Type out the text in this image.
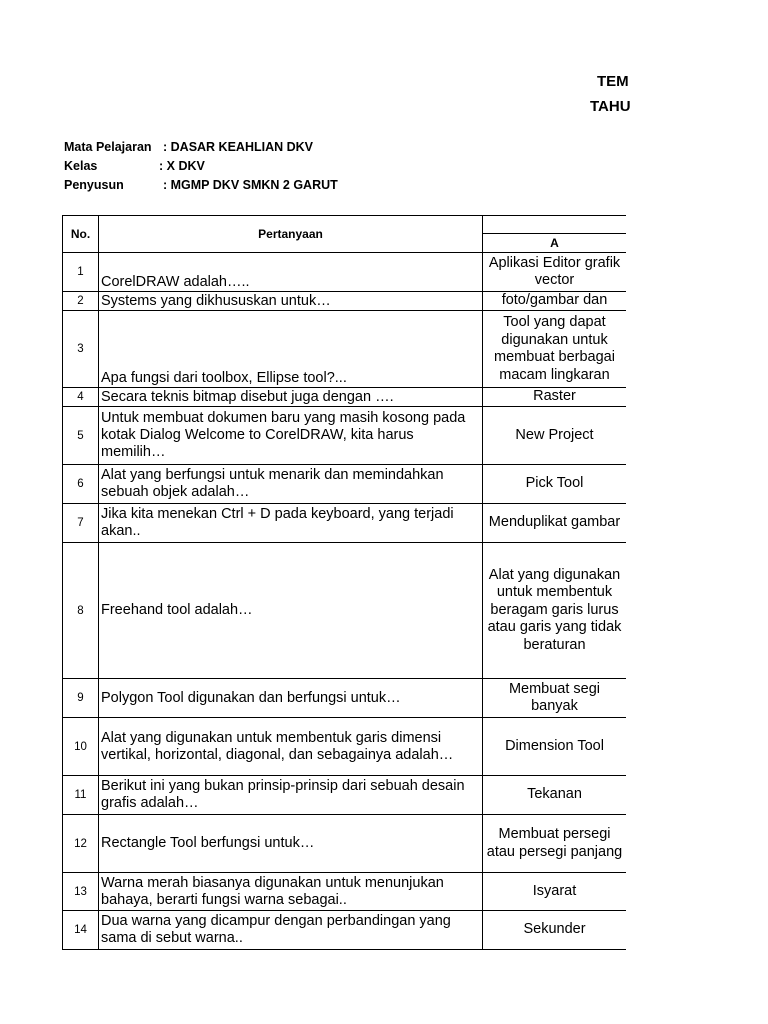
TEM
TAHU
Mata Pelajaran : DASAR KEAHLIAN DKV
Kelas	: X DKV
Penyusun	: MGMP DKV SMKN 2 GARUT
No.	Pertanyaan		
		A	
1	CorelDRAW adalah…..	Aplikasi Editor grafik vector	
2	Systems yang dikhususkan untuk…	foto/gambar dan	
3	Apa fungsi dari toolbox, Ellipse tool?...	Tool yang dapat digunakan untuk membuat berbagai macam lingkaran	
4	Secara teknis bitmap disebut juga dengan ….	Raster	
5	Untuk membuat dokumen baru yang masih kosong pada kotak Dialog Welcome to CorelDRAW, kita harus memilih…	New Project	
6	Alat yang berfungsi untuk menarik dan memindahkan sebuah objek adalah…	Pick Tool	
7	Jika kita menekan Ctrl + D pada keyboard, yang terjadi akan..	Menduplikat gambar	
8	Freehand tool adalah…	Alat yang digunakan untuk membentuk beragam garis lurus atau garis yang tidak beraturan	
9	Polygon Tool digunakan dan berfungsi untuk…	Membuat segi banyak	
10	Alat yang digunakan untuk membentuk garis dimensi vertikal, horizontal, diagonal, dan sebagainya adalah…	Dimension Tool	
11	Berikut ini yang bukan prinsip-prinsip dari sebuah desain grafis adalah…	Tekanan	
12	Rectangle Tool berfungsi untuk…	Membuat persegi atau persegi panjang	
13	Warna merah biasanya digunakan untuk menunjukan bahaya, berarti fungsi warna sebagai..	Isyarat	
14	Dua warna yang dicampur dengan perbandingan yang sama di sebut warna..	Sekunder	
